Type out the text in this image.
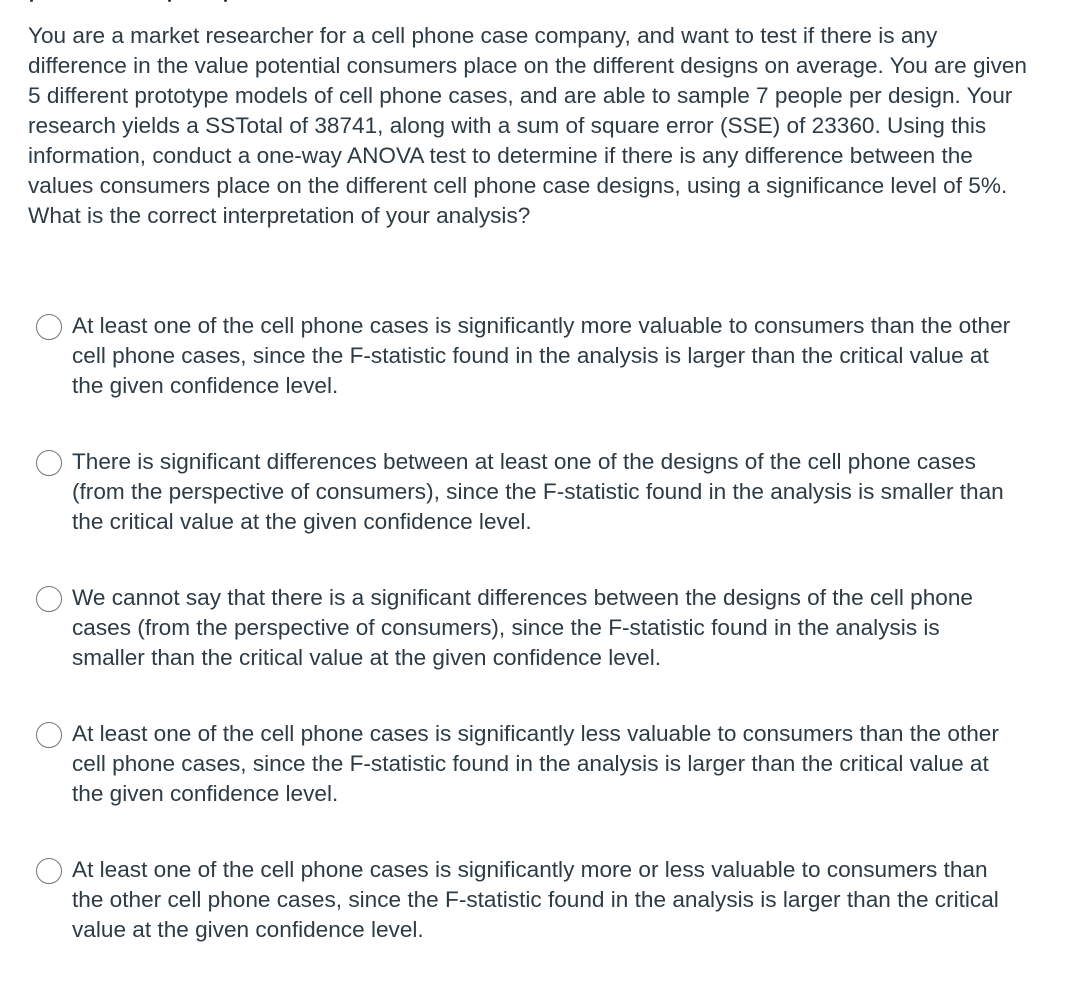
You are a market researcher for a cell phone case company, and want to test if there is any difference in the value potential consumers place on the different designs on average. You are given 5 different prototype models of cell phone cases, and are able to sample 7 people per design. Your research yields a SSTotal of 38741, along with a sum of square error (SSE) of 23360. Using this information, conduct a one-way ANOVA test to determine if there is any difference between the values consumers place on the different cell phone case designs, using a significance level of 5%. What is the correct interpretation of your analysis?

At least one of the cell phone cases is significantly more valuable to consumers than the other cell phone cases, since the F-statistic found in the analysis is larger than the critical value at the given confidence level.
There is significant differences between at least one of the designs of the cell phone cases (from the perspective of consumers), since the F-statistic found in the analysis is smaller than the critical value at the given confidence level.
We cannot say that there is a significant differences between the designs of the cell phone cases (from the perspective of consumers), since the F-statistic found in the analysis is smaller than the critical value at the given confidence level.
At least one of the cell phone cases is significantly less valuable to consumers than the other cell phone cases, since the F-statistic found in the analysis is larger than the critical value at the given confidence level.
At least one of the cell phone cases is significantly more or less valuable to consumers than the other cell phone cases, since the F-statistic found in the analysis is larger than the critical value at the given confidence level.
